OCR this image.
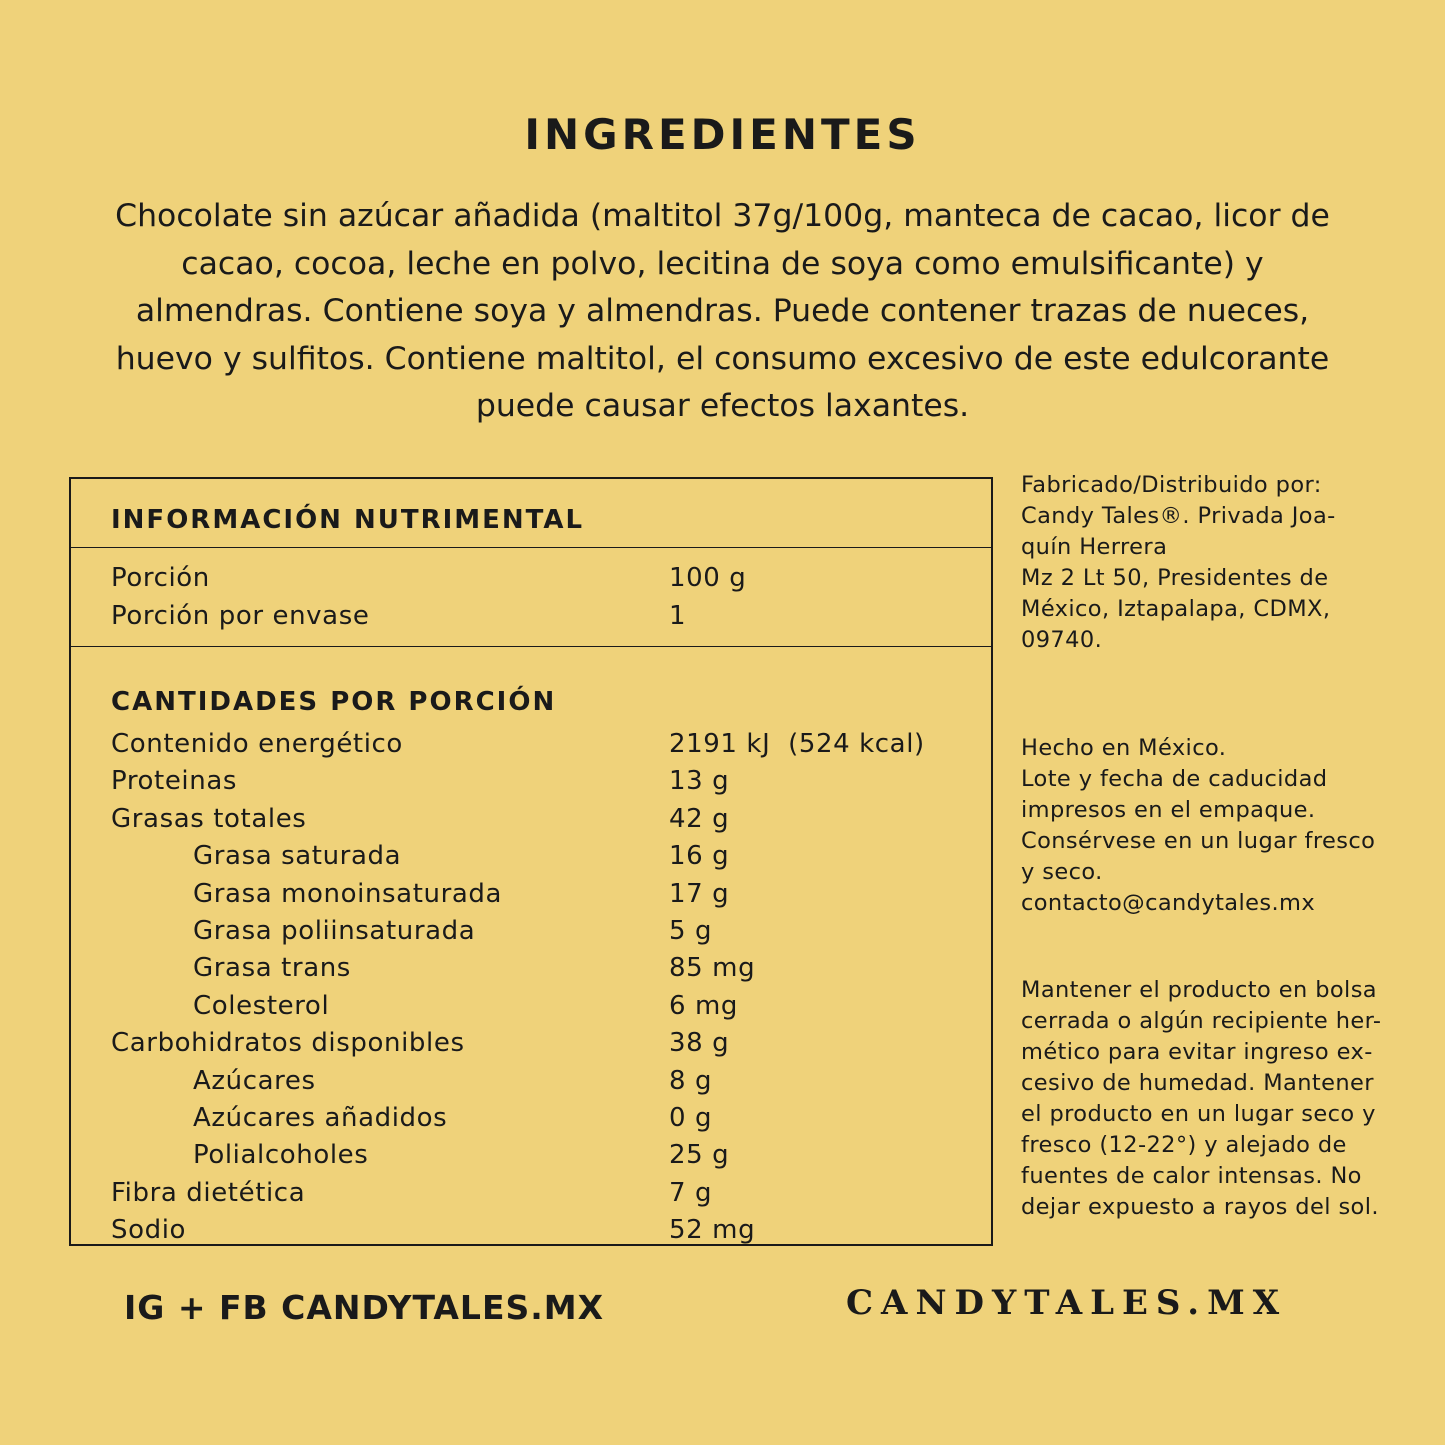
INGREDIENTES
Chocolate sin azúcar añadida (maltitol 37g/100g, manteca de cacao, licor de
cacao, cocoa, leche en polvo, lecitina de soya como emulsificante) y
almendras. Contiene soya y almendras. Puede contener trazas de nueces,
huevo y sulfitos. Contiene maltitol, el consumo excesivo de este edulcorante
puede causar efectos laxantes.
INFORMACIÓN NUTRIMENTAL
Porción	100 g
Porción por envase	1
CANTIDADES POR PORCIÓN
Contenido energético	2191 kJ  (524 kcal)
Proteinas	13 g
Grasas totales	42 g
Grasa saturada	16 g
Grasa monoinsaturada	17 g
Grasa poliinsaturada	5 g
Grasa trans	85 mg
Colesterol	6 mg
Carbohidratos disponibles	38 g
Azúcares	8 g
Azúcares añadidos	0 g
Polialcoholes	25 g
Fibra dietética	7 g
Sodio	52 mg
Fabricado/Distribuido por:
Candy Tales®. Privada Joa-
quín Herrera
Mz 2 Lt 50, Presidentes de
México, Iztapalapa, CDMX,
09740.
Hecho en México.
Lote y fecha de caducidad
impresos en el empaque.
Consérvese en un lugar fresco
y seco.
contacto@candytales.mx
Mantener el producto en bolsa
cerrada o algún recipiente her-
mético para evitar ingreso ex-
cesivo de humedad. Mantener
el producto en un lugar seco y
fresco (12-22°) y alejado de
fuentes de calor intensas. No
dejar expuesto a rayos del sol.
IG + FB CANDYTALES.MX	CANDYTALES.MX
